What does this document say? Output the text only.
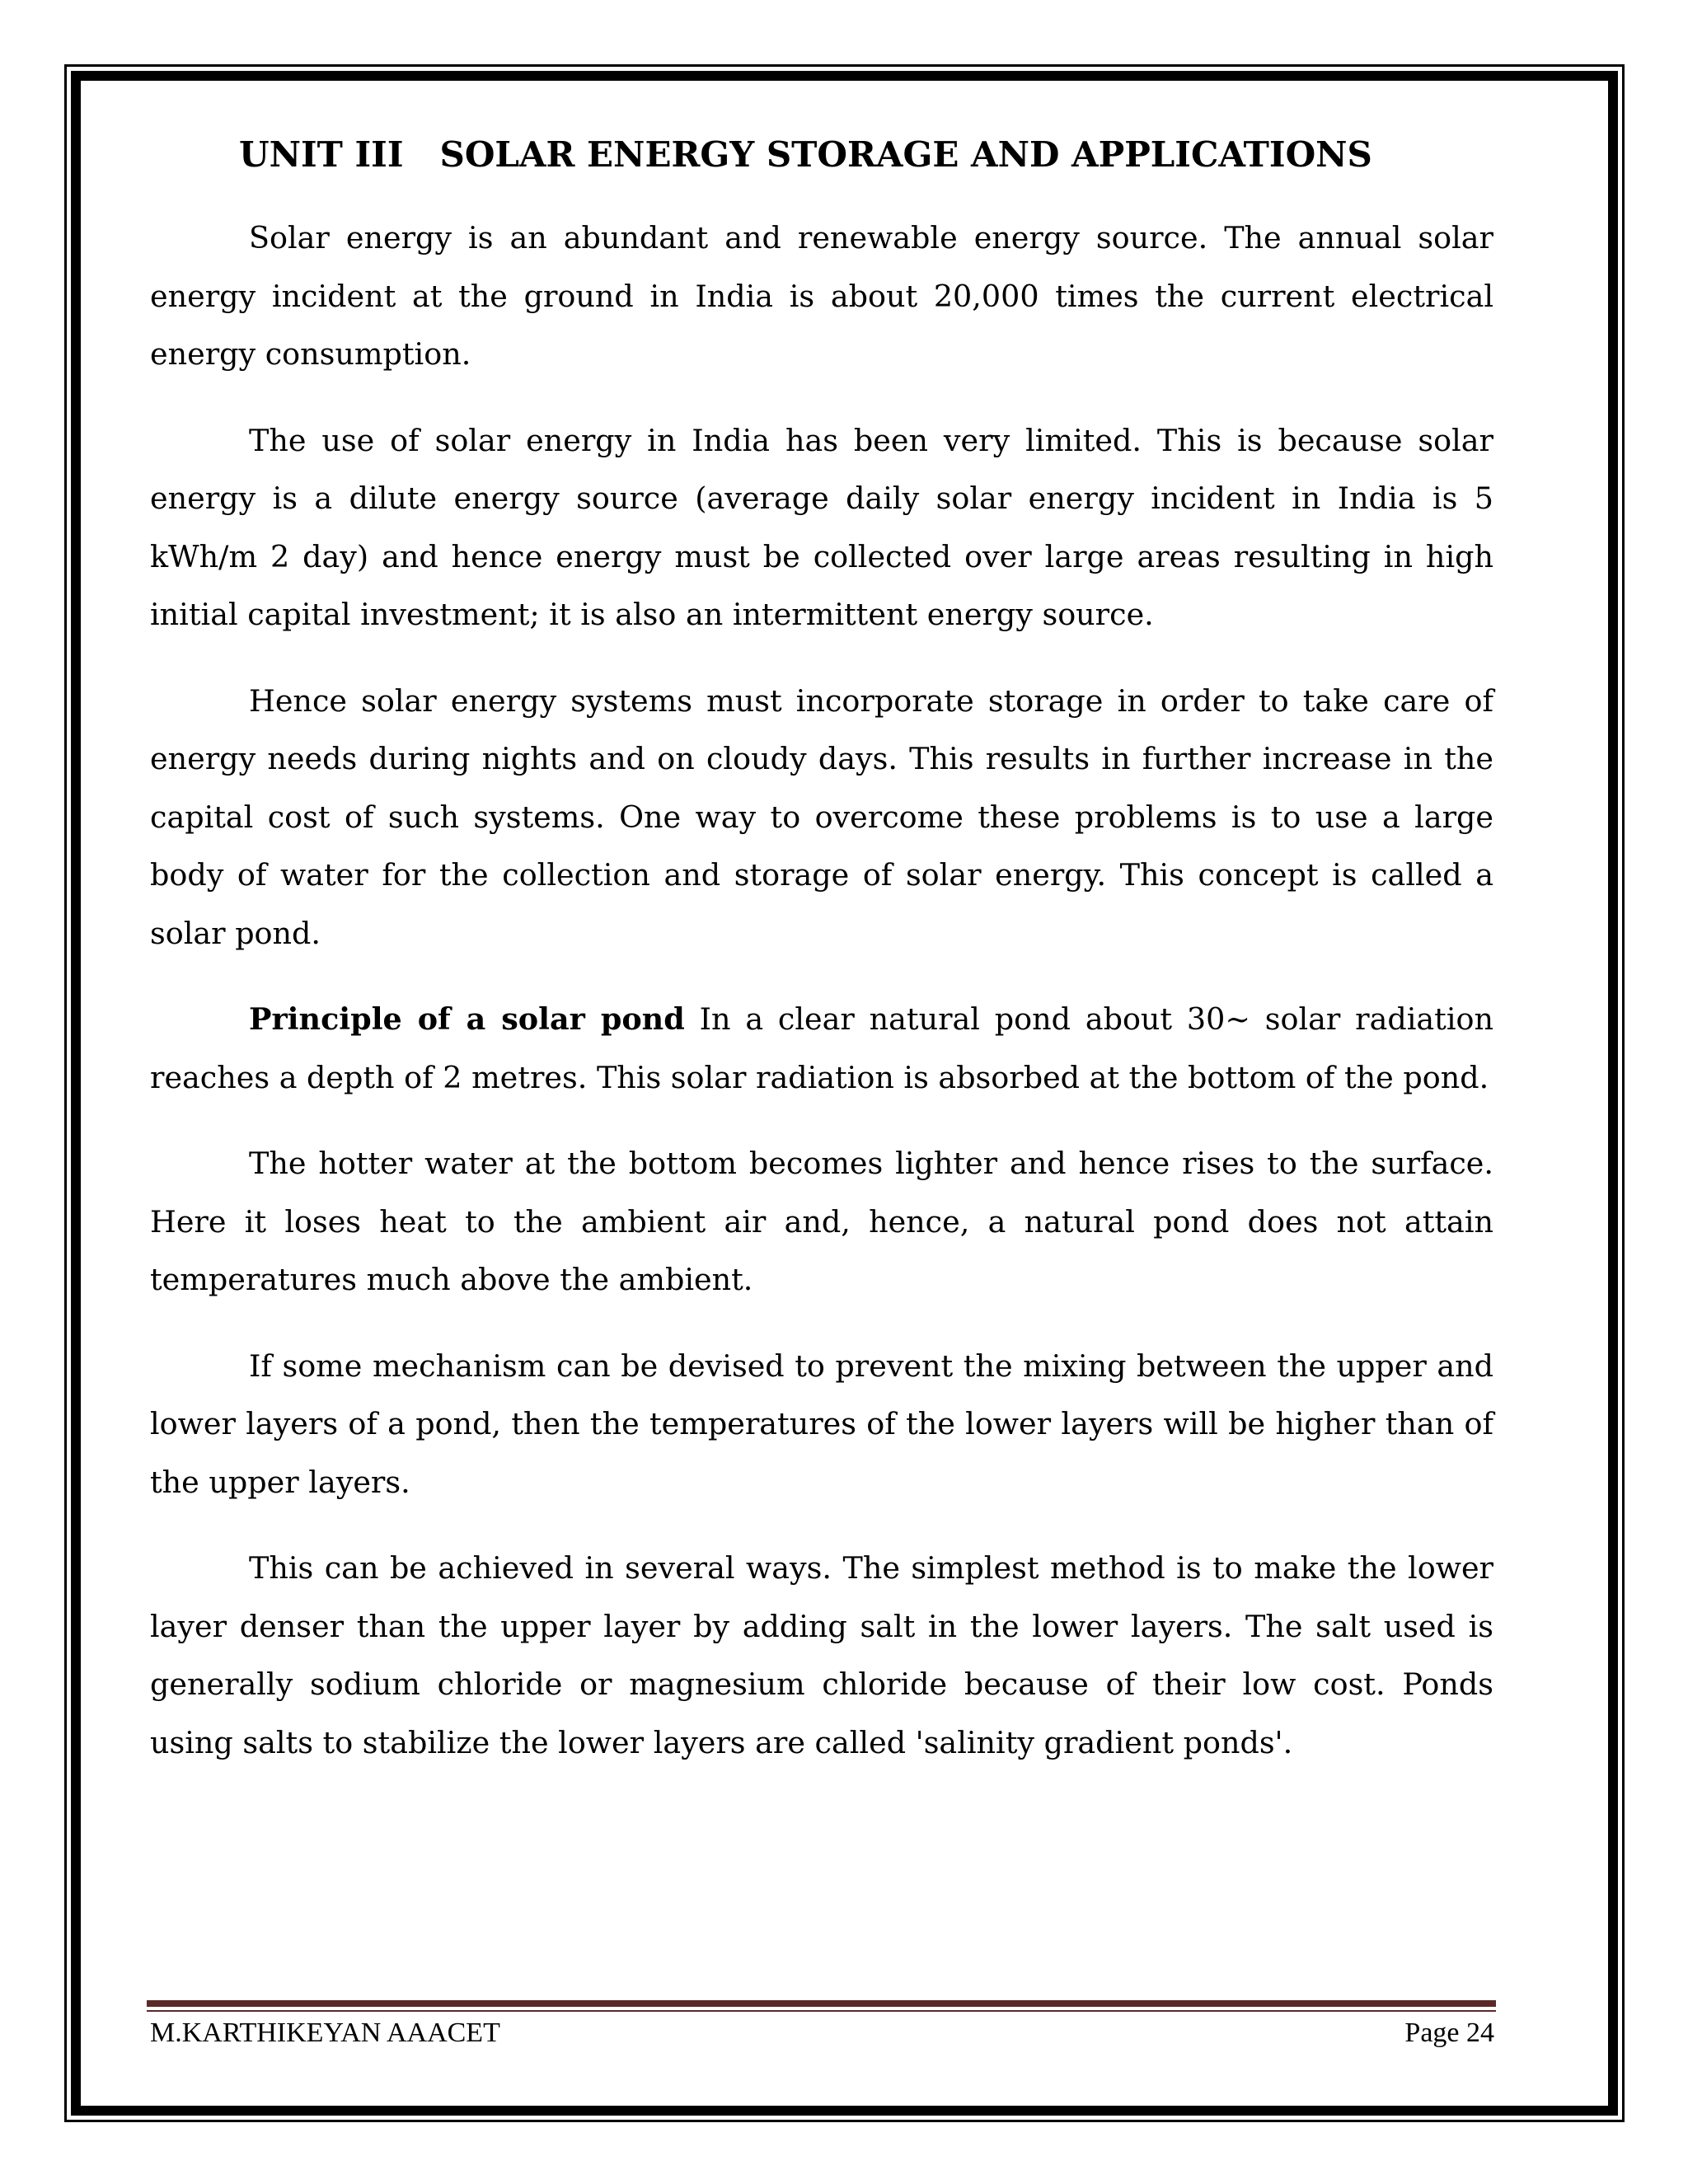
UNIT III SOLAR ENERGY STORAGE AND APPLICATIONS

Solar energy is an abundant and renewable energy source. The annual solar energy incident at the ground in India is about 20,000 times the current electrical energy consumption.

The use of solar energy in India has been very limited. This is because solar energy is a dilute energy source (average daily solar energy incident in India is 5 kWh/m 2 day) and hence energy must be collected over large areas resulting in high initial capital investment; it is also an intermittent energy source.

Hence solar energy systems must incorporate storage in order to take care of energy needs during nights and on cloudy days. This results in further increase in the capital cost of such systems. One way to overcome these problems is to use a large body of water for the collection and storage of solar energy. This concept is called a solar pond.

Principle of a solar pond In a clear natural pond about 30~ solar radiation reaches a depth of 2 metres. This solar radiation is absorbed at the bottom of the pond.

The hotter water at the bottom becomes lighter and hence rises to the surface. Here it loses heat to the ambient air and, hence, a natural pond does not attain temperatures much above the ambient.

If some mechanism can be devised to prevent the mixing between the upper and lower layers of a pond, then the temperatures of the lower layers will be higher than of the upper layers.

This can be achieved in several ways. The simplest method is to make the lower layer denser than the upper layer by adding salt in the lower layers. The salt used is generally sodium chloride or magnesium chloride because of their low cost. Ponds using salts to stabilize the lower layers are called 'salinity gradient ponds'.

M.KARTHIKEYAN AAACET	Page 24
